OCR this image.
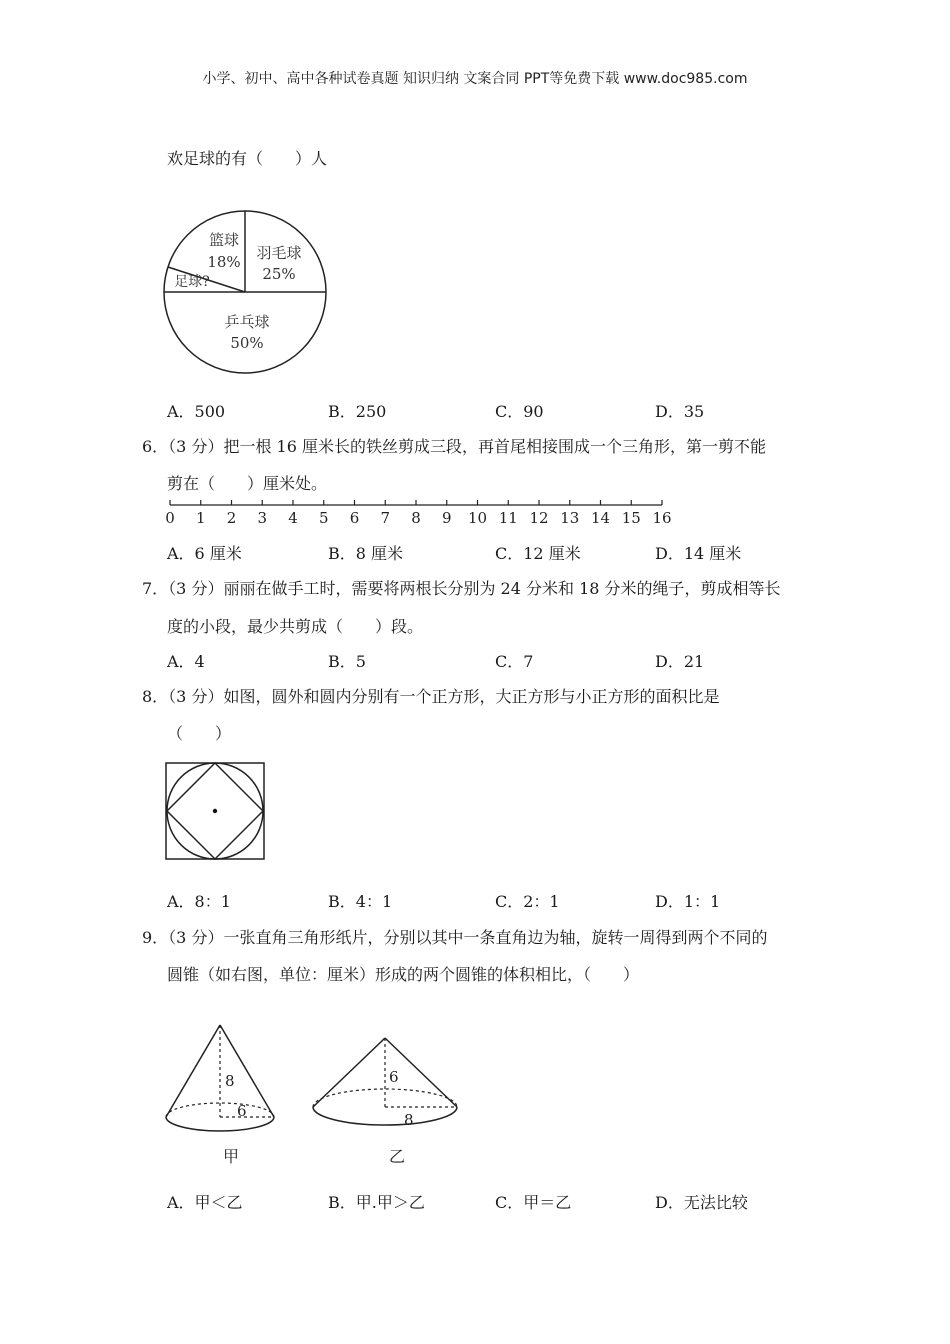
小学、初中、高中各种试卷真题 知识归纳 文案合同 PPT等免费下载 www.doc985.com
欢足球的有（　　）人
篮球
18% 羽毛球
25%
足球?
乒乓球
50%
A．500	B．250	C．90	D．35
6．（3 分）把一根 16 厘米长的铁丝剪成三段，再首尾相接围成一个三角形，第一剪不能
剪在（　　）厘米处。
0 1 2 3 4 5 6 7 8 9 10 11 12 13 14 15 16
A．6 厘米	B．8 厘米	C．12 厘米	D．14 厘米
7．（3 分）丽丽在做手工时，需要将两根长分别为 24 分米和 18 分米的绳子，剪成相等长
度的小段，最少共剪成（　　）段。
A．4	B．5	C．7	D．21
8．（3 分）如图，圆外和圆内分别有一个正方形，大正方形与小正方形的面积比是
（　　）
A．8：1	B．4：1	C．2：1	D．1：1
9．（3 分）一张直角三角形纸片，分别以其中一条直角边为轴，旋转一周得到两个不同的
圆锥（如右图，单位：厘米）形成的两个圆锥的体积相比，（　　）
8
6
甲
6
8
乙
A．甲＜乙	B．甲.甲＞乙	C．甲＝乙	D．无法比较
